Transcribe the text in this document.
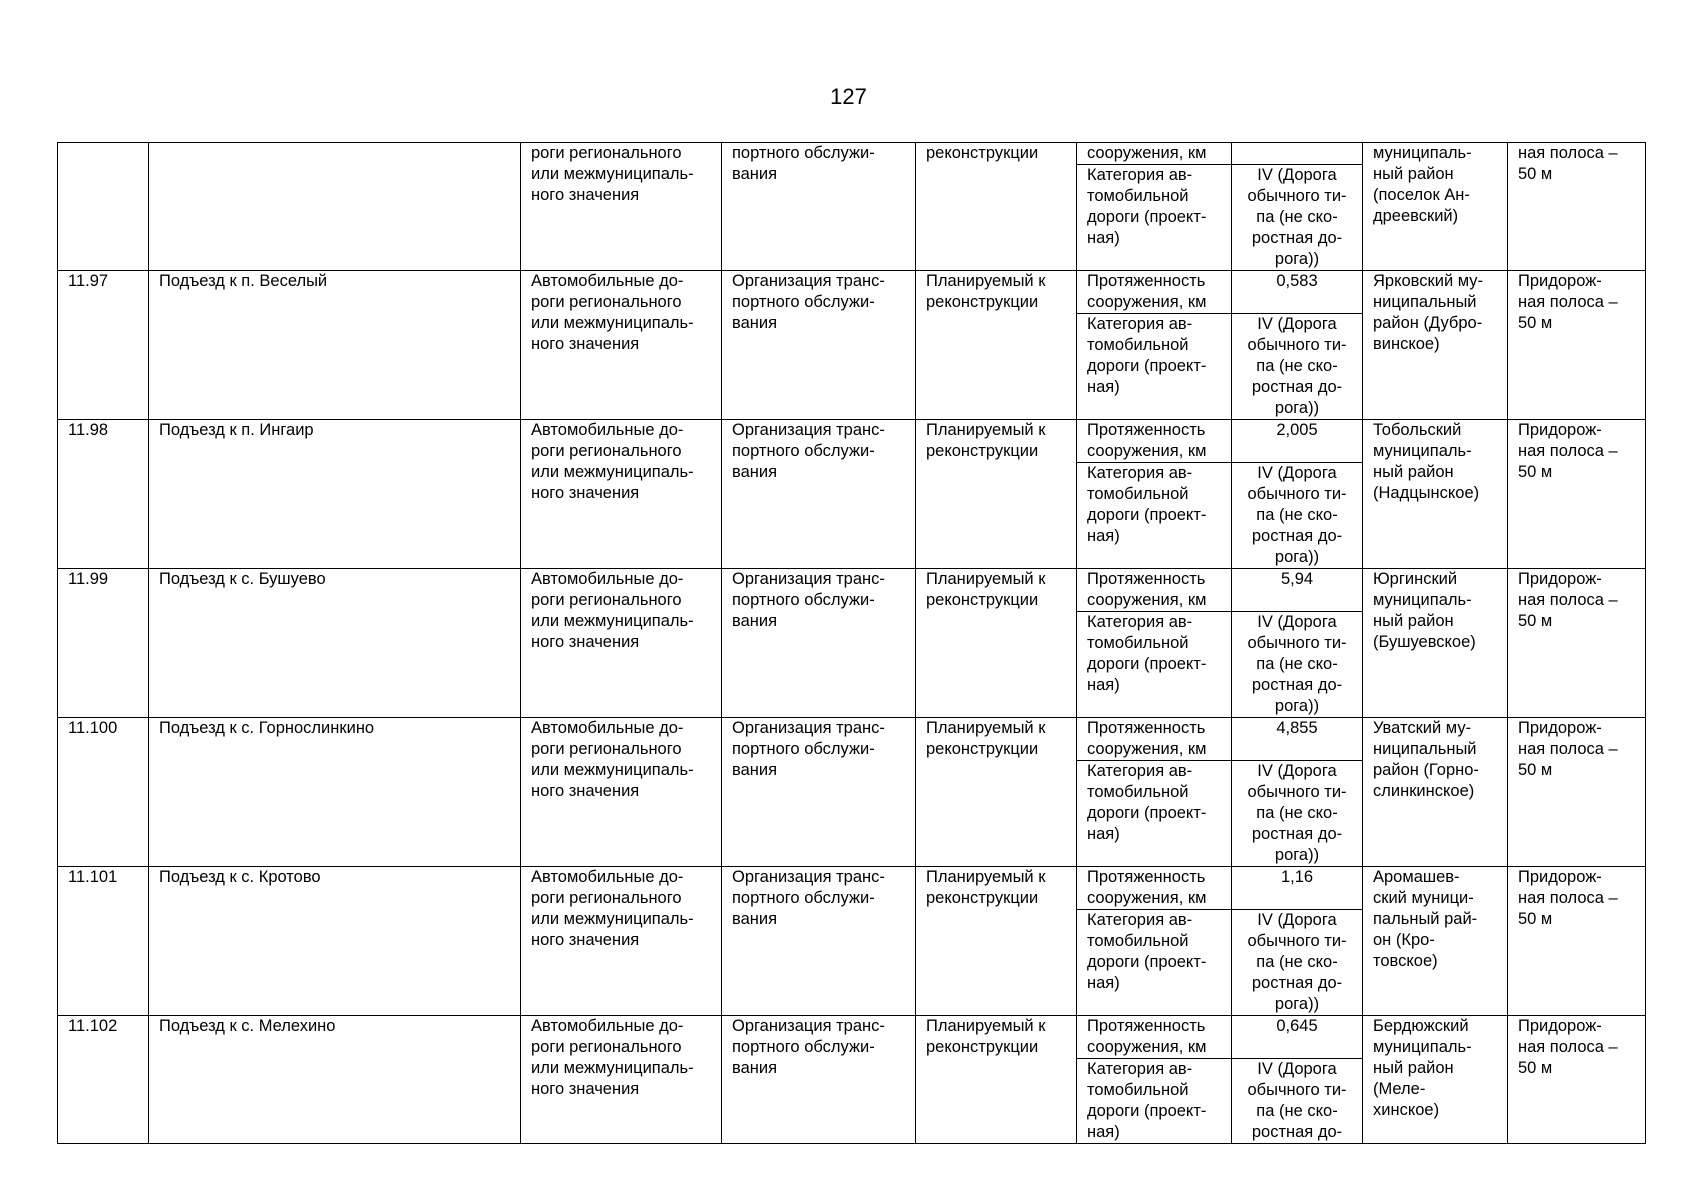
127
		роги регионального
или межмуниципаль-
ного значения	портного обслужи-
вания	реконструкции	сооружения, км		муниципаль-
ный район
(поселок Ан-
дреевский)	ная полоса –
50 м
					Категория ав-
томобильной
дороги (проект-
ная)	IV (Дорога
обычного ти-
па (не ско-
ростная до-
рога))		
11.97	Подъезд к п. Веселый	Автомобильные до-
роги регионального
или межмуниципаль-
ного значения	Организация транс-
портного обслужи-
вания	Планируемый к
реконструкции	Протяженность
сооружения, км	0,583	Ярковский му-
ниципальный
район (Дубро-
винское)	Придорож-
ная полоса –
50 м
					Категория ав-
томобильной
дороги (проект-
ная)	IV (Дорога
обычного ти-
па (не ско-
ростная до-
рога))		
11.98	Подъезд к п. Ингаир	Автомобильные до-
роги регионального
или межмуниципаль-
ного значения	Организация транс-
портного обслужи-
вания	Планируемый к
реконструкции	Протяженность
сооружения, км	2,005	Тобольский
муниципаль-
ный район
(Надцынское)	Придорож-
ная полоса –
50 м
					Категория ав-
томобильной
дороги (проект-
ная)	IV (Дорога
обычного ти-
па (не ско-
ростная до-
рога))		
11.99	Подъезд к с. Бушуево	Автомобильные до-
роги регионального
или межмуниципаль-
ного значения	Организация транс-
портного обслужи-
вания	Планируемый к
реконструкции	Протяженность
сооружения, км	5,94	Юргинский
муниципаль-
ный район
(Бушуевское)	Придорож-
ная полоса –
50 м
					Категория ав-
томобильной
дороги (проект-
ная)	IV (Дорога
обычного ти-
па (не ско-
ростная до-
рога))		
11.100	Подъезд к с. Горнослинкино	Автомобильные до-
роги регионального
или межмуниципаль-
ного значения	Организация транс-
портного обслужи-
вания	Планируемый к
реконструкции	Протяженность
сооружения, км	4,855	Уватский му-
ниципальный
район (Горно-
слинкинское)	Придорож-
ная полоса –
50 м
					Категория ав-
томобильной
дороги (проект-
ная)	IV (Дорога
обычного ти-
па (не ско-
ростная до-
рога))		
11.101	Подъезд к с. Кротово	Автомобильные до-
роги регионального
или межмуниципаль-
ного значения	Организация транс-
портного обслужи-
вания	Планируемый к
реконструкции	Протяженность
сооружения, км	1,16	Аромашев-
ский муници-
пальный рай-
он (Кро-
товское)	Придорож-
ная полоса –
50 м
					Категория ав-
томобильной
дороги (проект-
ная)	IV (Дорога
обычного ти-
па (не ско-
ростная до-
рога))		
11.102	Подъезд к с. Мелехино	Автомобильные до-
роги регионального
или межмуниципаль-
ного значения	Организация транс-
портного обслужи-
вания	Планируемый к
реконструкции	Протяженность
сооружения, км	0,645	Бердюжский
муниципаль-
ный район
(Меле-
хинское)	Придорож-
ная полоса –
50 м
					Категория ав-
томобильной
дороги (проект-
ная)	IV (Дорога
обычного ти-
па (не ско-
ростная до-		
